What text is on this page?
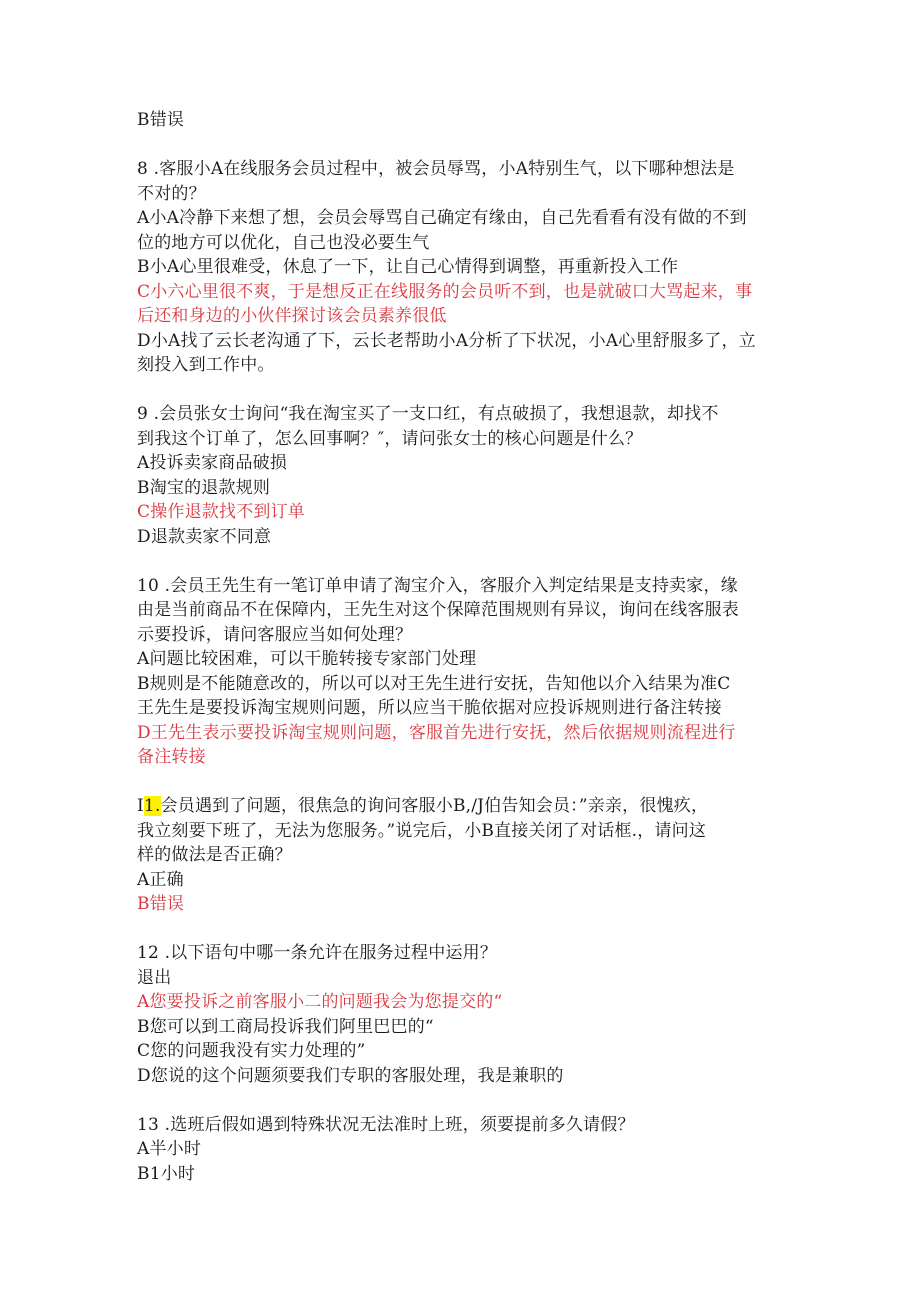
B错误
8 .客服小A在线服务会员过程中，被会员辱骂，小A特别生气，以下哪种想法是
不对的？
A小A冷静下来想了想，会员会辱骂自己确定有缘由，自己先看看有没有做的不到
位的地方可以优化，自己也没必要生气
B小A心里很难受，休息了一下，让自己心情得到调整，再重新投入工作
C小六心里很不爽，于是想反正在线服务的会员听不到，也是就破口大骂起来，事
后还和身边的小伙伴探讨该会员素养很低
D小A找了云长老沟通了下，云长老帮助小A分析了下状况，小A心里舒服多了，立
刻投入到工作中。
9 .会员张女士询问“我在淘宝买了一支口红，有点破损了，我想退款，却找不
到我这个订单了，怎么回事啊？″，请问张女士的核心问题是什么？
A投诉卖家商品破损
B淘宝的退款规则
C操作退款找不到订单
D退款卖家不同意
10 .会员王先生有一笔订单申请了淘宝介入，客服介入判定结果是支持卖家，缘
由是当前商品不在保障内，王先生对这个保障范围规则有异议，询问在线客服表
示要投诉，请问客服应当如何处理？
A问题比较困难，可以干脆转接专家部门处理
B规则是不能随意改的，所以可以对王先生进行安抚，告知他以介入结果为准C
王先生是要投诉淘宝规则问题，所以应当干脆依据对应投诉规则进行备注转接
D王先生表示要投诉淘宝规则问题，客服首先进行安抚，然后依据规则流程进行
备注转接
I1.会员遇到了问题，很焦急的询问客服小B,/J伯告知会员：”亲亲，很愧疚，
我立刻要下班了，无法为您服务。”说完后，小B直接关闭了对话框.，请问这
样的做法是否正确？
A正确
B错误
12 .以下语句中哪一条允许在服务过程中运用？
退出
A您要投诉之前客服小二的问题我会为您提交的“
B您可以到工商局投诉我们阿里巴巴的“
C您的问题我没有实力处理的”
D您说的这个问题须要我们专职的客服处理，我是兼职的
13 .选班后假如遇到特殊状况无法准时上班，须要提前多久请假？
A半小时
B1小时
